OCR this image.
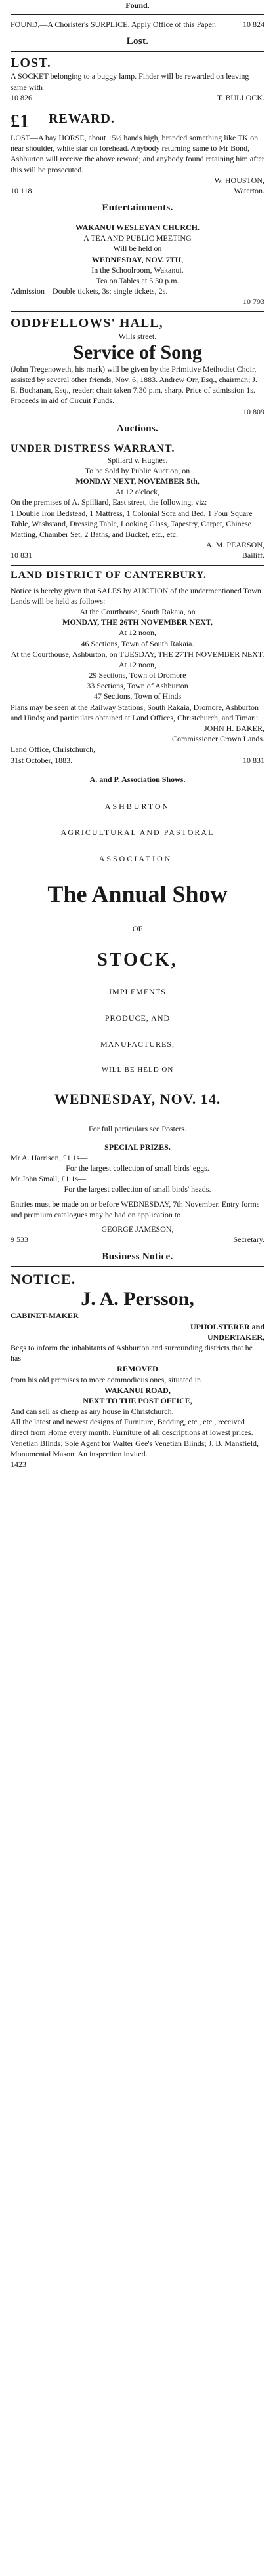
Found.
FOUND,—A Chorister's SURPLICE. Apply Office of this Paper.	10 824
Lost.
LOST.
A SOCKET belonging to a buggy lamp. Finder will be rewarded on leaving same with
10 826	T. BULLOCK.
£1 REWARD.
LOST—A bay HORSE, about 15½ hands high, branded something like TK on near shoulder, white star on forehead. Anybody returning same to Mr Bond, Ashburton will receive the above reward; and anybody found retaining him after this will be prosecuted.
W. HOUSTON,
10 118	Waterton.
Entertainments.
WAKANUI WESLEYAN CHURCH.
A TEA AND PUBLIC MEETING
Will be held on
WEDNESDAY, NOV. 7TH,
In the Schoolroom, Wakanui.
Tea on Tables at 5.30 p.m.
Admission—Double tickets, 3s; single tickets, 2s.
10 793
ODDFELLOWS' HALL,
Wills street.
Service of Song
(John Tregenoweth, his mark) will be given by the Primitive Methodist Choir, assisted by several other friends, Nov. 6, 1883. Andrew Orr, Esq., chairman; J. E. Buchanan, Esq., reader; chair taken 7.30 p.m. sharp. Price of admission 1s. Proceeds in aid of Circuit Funds.
10 809
Auctions.
UNDER DISTRESS WARRANT.
Spillard v. Hughes.
To be Sold by Public Auction, on
MONDAY NEXT, NOVEMBER 5th,
At 12 o'clock,
On the premises of A. Spilliard, East street, the following, viz:—
1 Double Iron Bedstead, 1 Mattress, 1 Colonial Sofa and Bed, 1 Four Square Table, Washstand, Dressing Table, Looking Glass, Tapestry, Carpet, Chinese Matting, Chamber Set, 2 Baths, and Bucket, etc., etc.
A. M. PEARSON,
10 831	Bailiff.
LAND DISTRICT OF CANTERBURY.
Notice is hereby given that SALES by AUCTION of the undermentioned Town Lands will be held as follows:—
At the Courthouse, South Rakaia, on
MONDAY, THE 26TH NOVEMBER NEXT,
At 12 noon,
46 Sections, Town of South Rakaia.
At the Courthouse, Ashburton, on TUESDAY, THE 27TH NOVEMBER NEXT,
At 12 noon,
29 Sections, Town of Dromore
33 Sections, Town of Ashburton
47 Sections, Town of Hinds
Plans may be seen at the Railway Stations, South Rakaia, Dromore, Ashburton and Hinds; and particulars obtained at Land Offices, Christchurch, and Timaru.
JOHN H. BAKER,
Commissioner Crown Lands.
Land Office, Christchurch,
31st October, 1883.	10 831
A. and P. Association Shows.
ASHBURTON
AGRICULTURAL AND PASTORAL
ASSOCIATION.
The Annual Show
OF
STOCK,
IMPLEMENTS
PRODUCE, AND
MANUFACTURES,
WILL BE HELD ON
WEDNESDAY, NOV. 14.
For full particulars see Posters.
SPECIAL PRIZES.
Mr A. Harrison, £1 1s—
For the largest collection of small birds' eggs.
Mr John Small, £1 1s—
For the largest collection of small birds' heads.
Entries must be made on or before WEDNESDAY, 7th November. Entry forms and premium catalogues may be had on application to
GEORGE JAMESON,
9 533	Secretary.
Business Notice.
NOTICE.
J. A. Persson,
CABINET-MAKER
UPHOLSTERER and
UNDERTAKER,
Begs to inform the inhabitants of Ashburton and surrounding districts that he has
REMOVED
from his old premises to more commodious ones, situated in
WAKANUI ROAD,
NEXT TO THE POST OFFICE,
And can sell as cheap as any house in Christchurch.
All the latest and newest designs of Furniture, Bedding, etc., etc., received direct from Home every month. Furniture of all descriptions at lowest prices. Venetian Blinds; Sole Agent for Walter Gee's Venetian Blinds; J. B. Mansfield, Monumental Mason. An inspection invited.
1423
